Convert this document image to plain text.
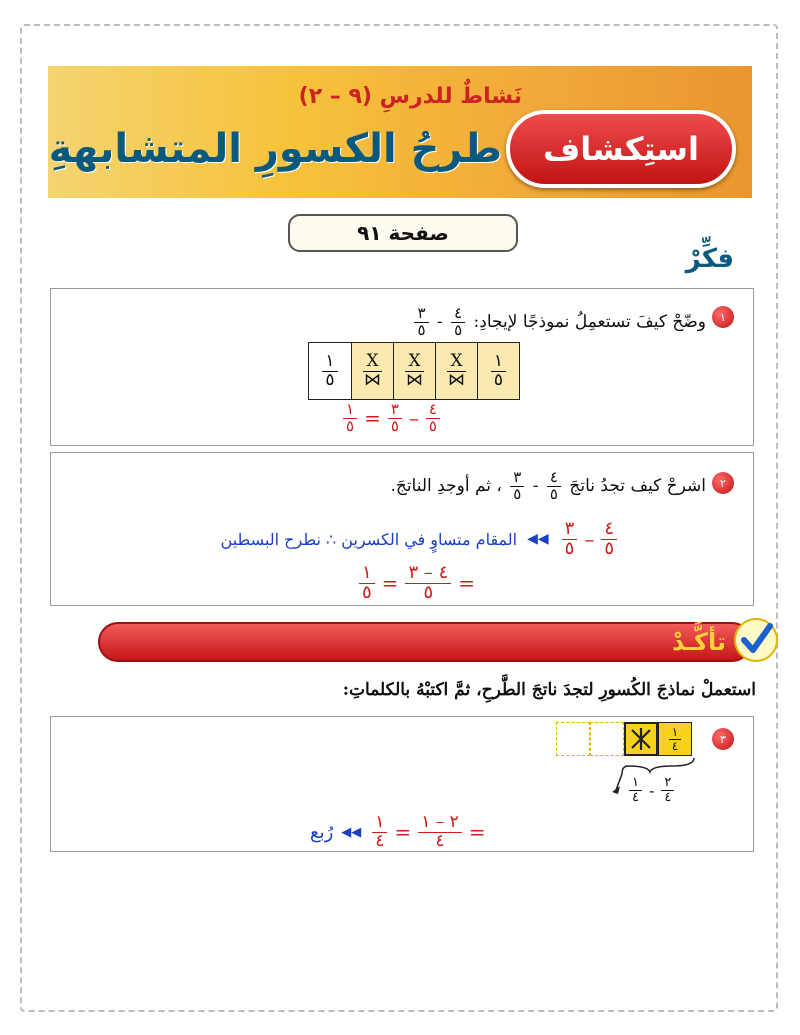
نَشاطٌ للدرسِ (٩ – ٢)
طرحُ الكسورِ المتشابهةِ	استِكشاف
صفحة ٩١
فكِّرْ
١
وضّحْ كيفَ تستعمِلُ نموذجًا لإيجادِ:
$\frac{٤}{٥}$
-
$\frac{٣}{٥}$
$\frac{١}{٥} \frac{X}{⋈} \frac{X}{⋈} \frac{X}{⋈} \frac{١}{٥}$
$\frac{١}{٥} = \frac{٣}{٥} - \frac{٤}{٥}$
٢
اشرحْ كيف تجدُ ناتجَ
$\frac{٤}{٥}$
-
$\frac{٣}{٥}$
، ثم أوجدِ الناتجَ.
$\frac{٤}{٥}$
–
$\frac{٣}{٥}$
◀◀
المقام متساوٍ في الكسرين ∴ نطرح البسطين
$\frac{١}{٥} = \frac{٤ - ٣}{٥}$ =
تأكَّـدْ
استعملْ نماذجَ الكُسورِ لتجدَ ناتجَ الطَّرحِ، ثمَّ اكتبْهُ بالكلماتِ:
٣
$\frac{١}{٤}$
$\frac{١}{٤} - \frac{٢}{٤}$
رُبع ◀◀ $\frac{١}{٤} = \frac{٢ - ١}{٤}$ =
